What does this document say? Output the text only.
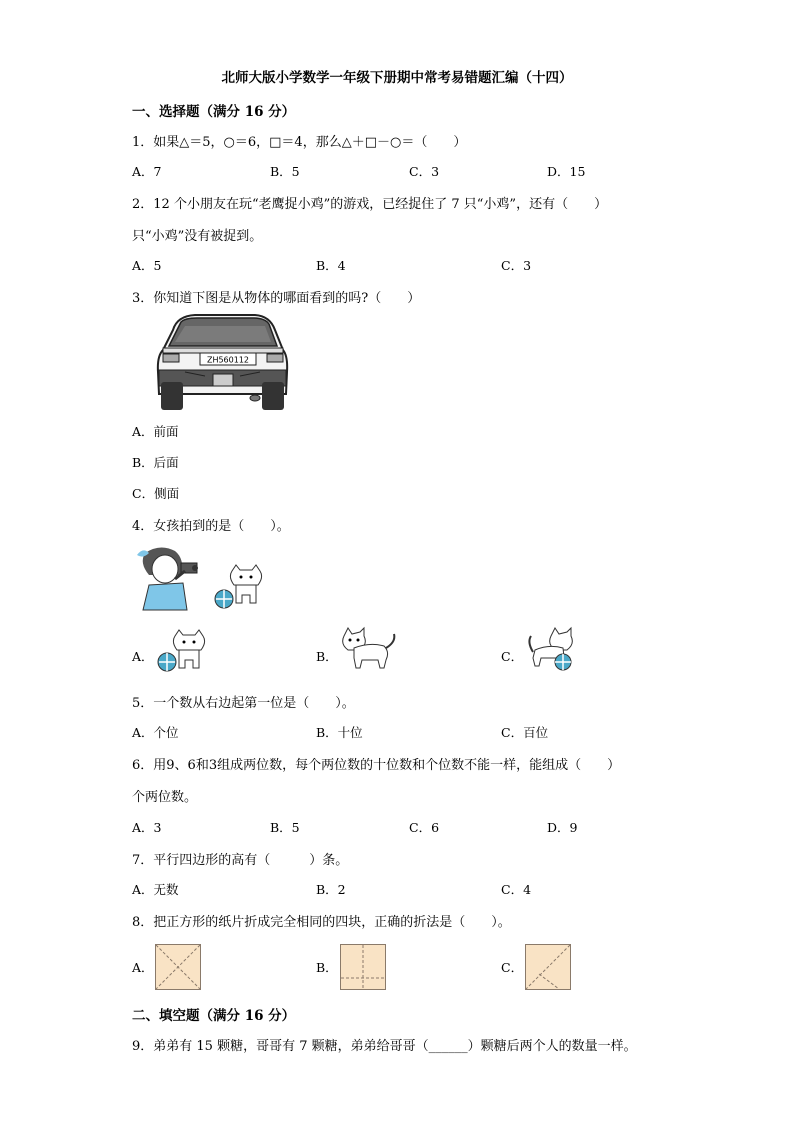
北师大版小学数学一年级下册期中常考易错题汇编（十四）
一、选择题（满分 16 分）
1．如果△＝5，○＝6，□＝4，那么△＋□－○＝（　　）
A．7	B．5	C．3	D．15
2．12 个小朋友在玩“老鹰捉小鸡”的游戏，已经捉住了 7 只“小鸡”，还有（　　）
只“小鸡”没有被捉到。
A．5	B．4	C．3
3．你知道下图是从物体的哪面看到的吗?（　　）
ZH560112
A．前面
B．后面
C．侧面
4．女孩拍到的是（　　）。
A．	B．	C．
5．一个数从右边起第一位是（　　）。
A．个位	B．十位	C．百位
6．用9、6和3组成两位数，每个两位数的十位数和个位数不能一样，能组成（　　）
个两位数。
A．3	B．5	C．6	D．9
7．平行四边形的高有（　　　）条。
A．无数	B．2	C．4
8．把正方形的纸片折成完全相同的四块，正确的折法是（　　）。
A．	B．	C．
二、填空题（满分 16 分）
9．弟弟有 15 颗糖，哥哥有 7 颗糖，弟弟给哥哥（______）颗糖后两个人的数量一样。
